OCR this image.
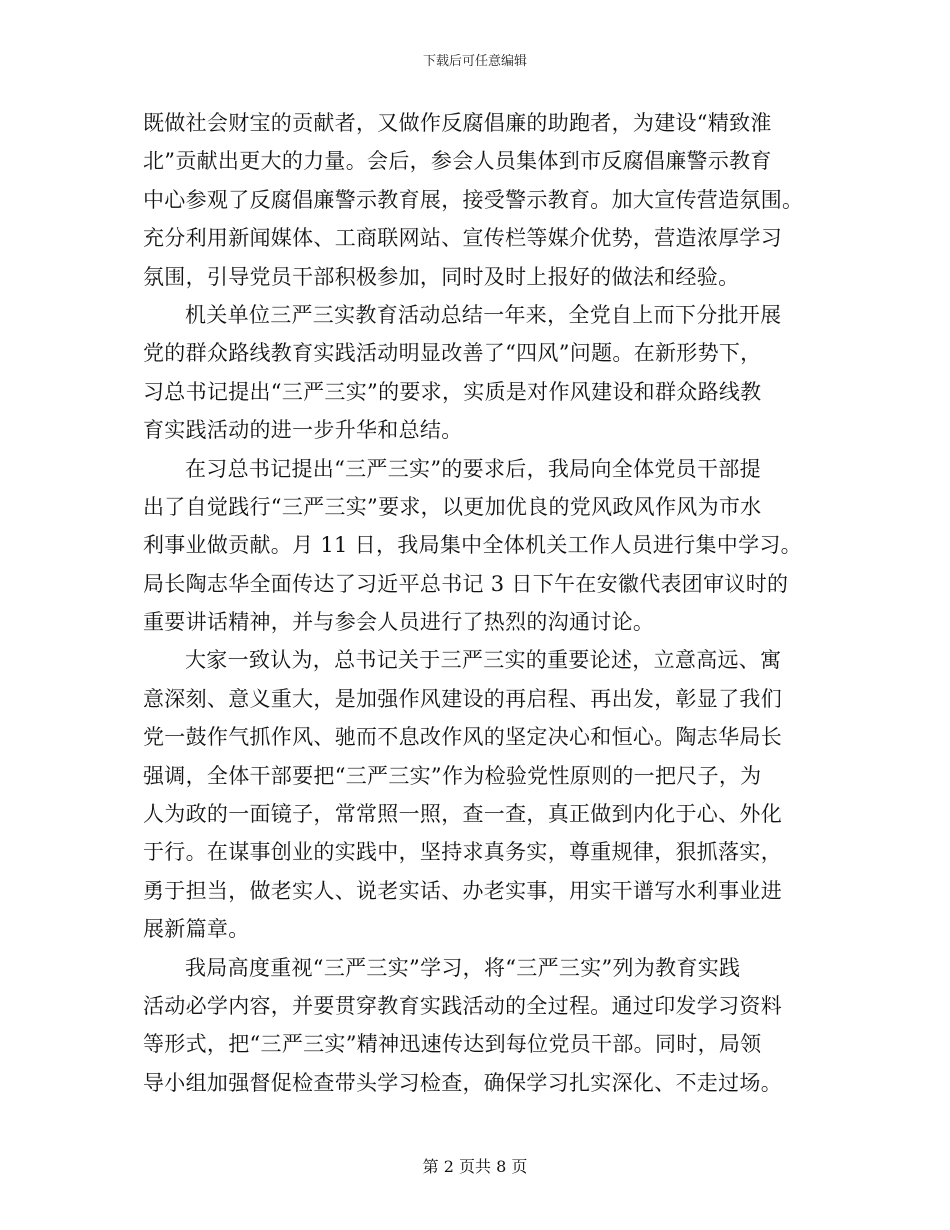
下载后可任意编辑
既做社会财宝的贡献者，又做作反腐倡廉的助跑者，为建设“精致淮
北”贡献出更大的力量。会后，参会人员集体到市反腐倡廉警示教育
中心参观了反腐倡廉警示教育展，接受警示教育。加大宣传营造氛围。
充分利用新闻媒体、工商联网站、宣传栏等媒介优势，营造浓厚学习
氛围，引导党员干部积极参加，同时及时上报好的做法和经验。
机关单位三严三实教育活动总结一年来，全党自上而下分批开展
党的群众路线教育实践活动明显改善了“四风”问题。在新形势下，
习总书记提出“三严三实”的要求，实质是对作风建设和群众路线教
育实践活动的进一步升华和总结。
在习总书记提出“三严三实”的要求后，我局向全体党员干部提
出了自觉践行“三严三实”要求，以更加优良的党风政风作风为市水
利事业做贡献。月 11 日，我局集中全体机关工作人员进行集中学习。
局长陶志华全面传达了习近平总书记 3 日下午在安徽代表团审议时的
重要讲话精神，并与参会人员进行了热烈的沟通讨论。
大家一致认为，总书记关于三严三实的重要论述，立意高远、寓
意深刻、意义重大，是加强作风建设的再启程、再出发，彰显了我们
党一鼓作气抓作风、驰而不息改作风的坚定决心和恒心。陶志华局长
强调，全体干部要把“三严三实”作为检验党性原则的一把尺子，为
人为政的一面镜子，常常照一照，查一查，真正做到内化于心、外化
于行。在谋事创业的实践中，坚持求真务实，尊重规律，狠抓落实，
勇于担当，做老实人、说老实话、办老实事，用实干谱写水利事业进
展新篇章。
我局高度重视“三严三实”学习，将“三严三实”列为教育实践
活动必学内容，并要贯穿教育实践活动的全过程。通过印发学习资料
等形式，把“三严三实”精神迅速传达到每位党员干部。同时，局领
导小组加强督促检查带头学习检查，确保学习扎实深化、不走过场。
第 2 页共 8 页
